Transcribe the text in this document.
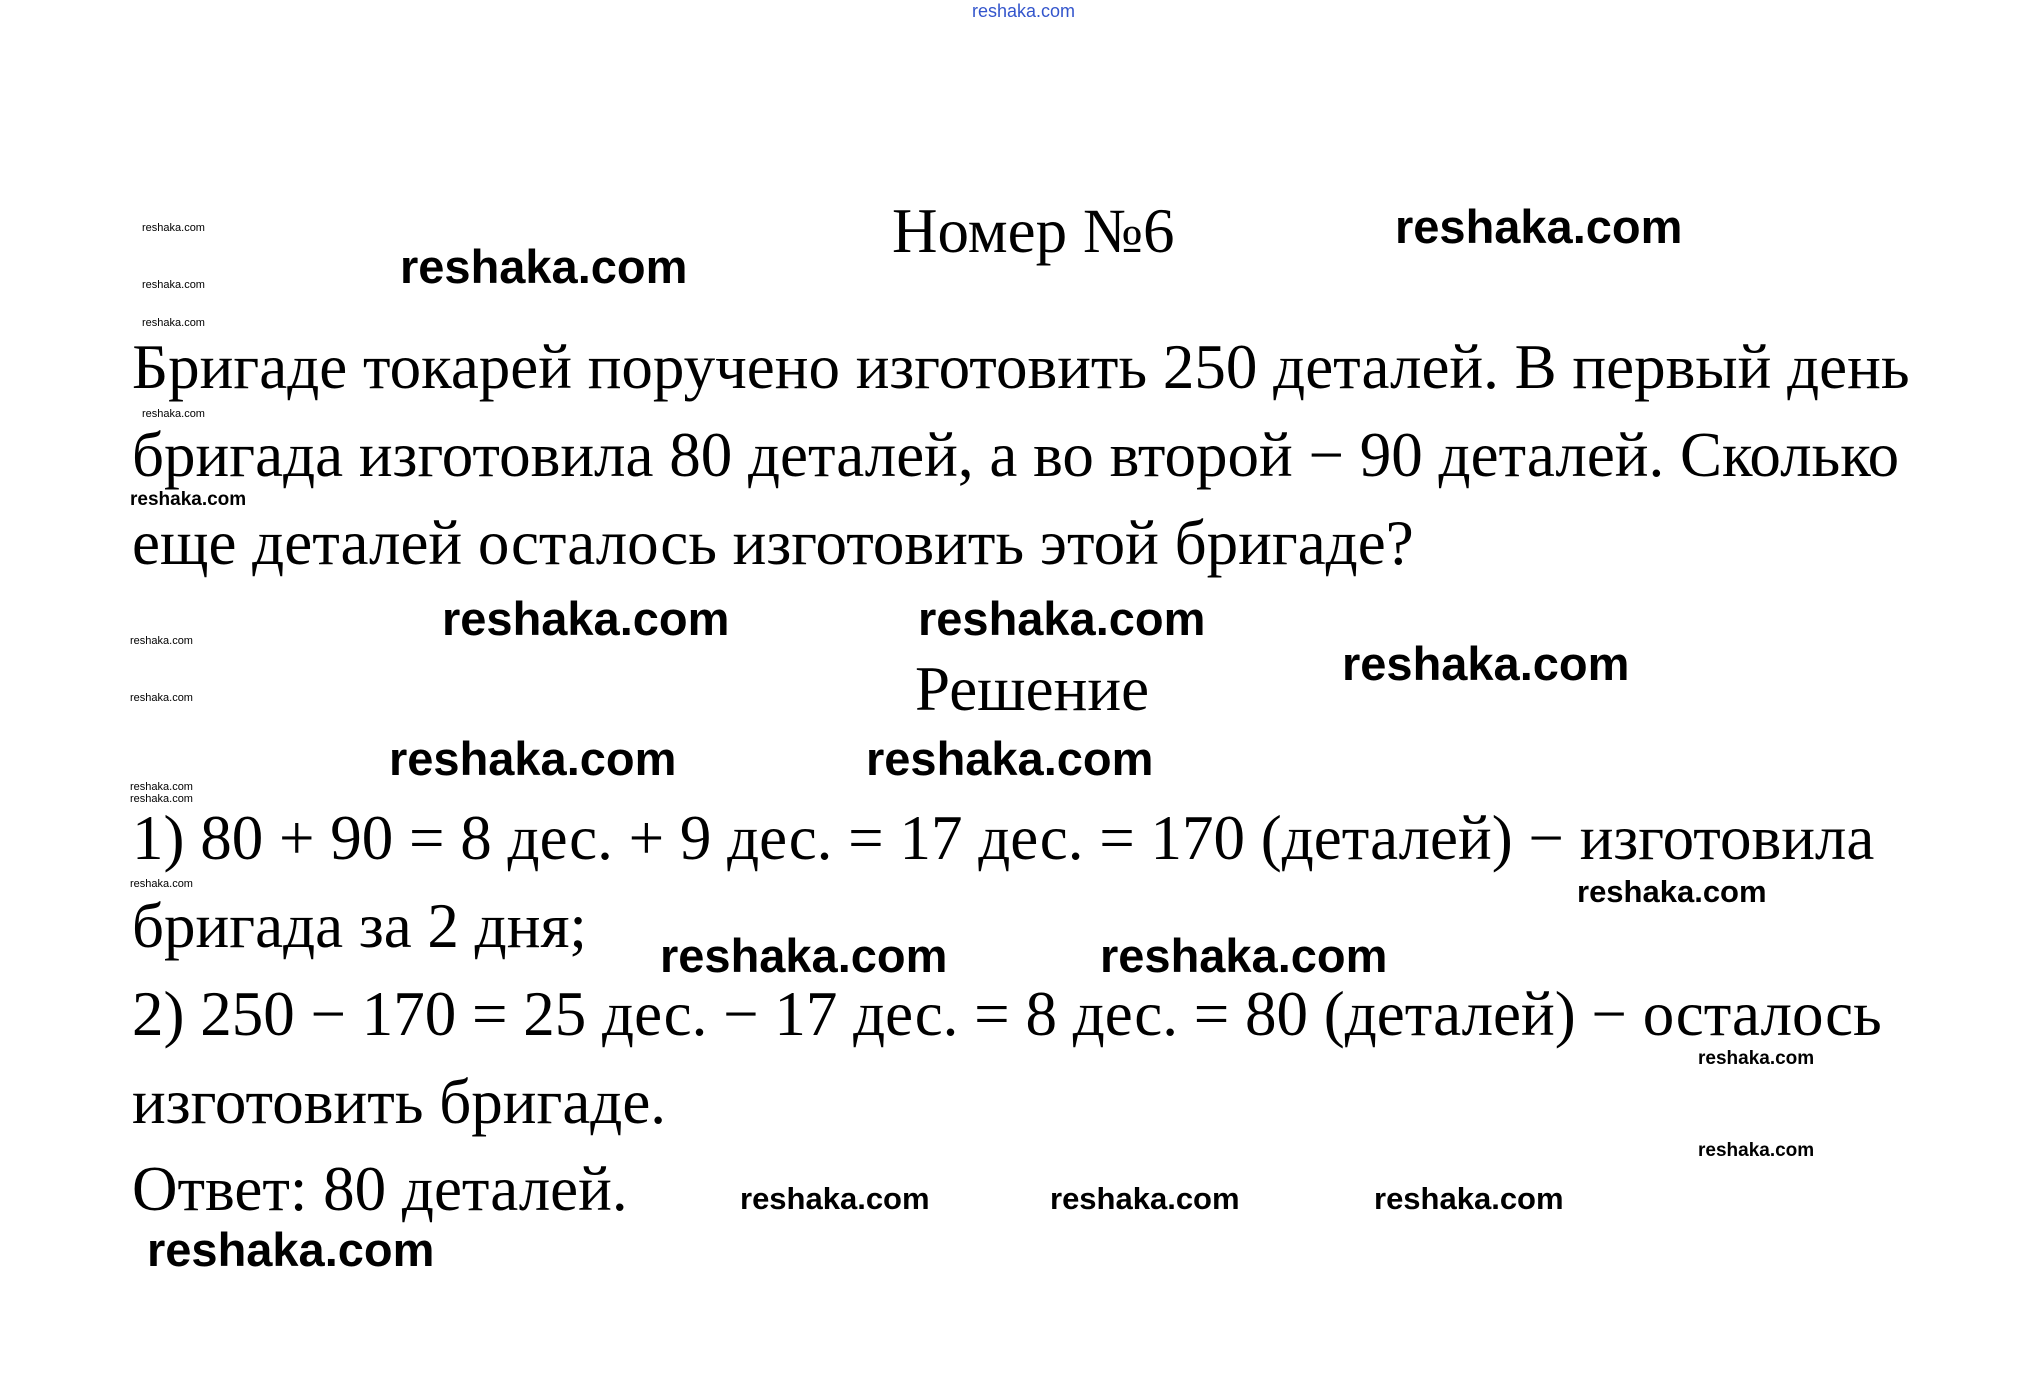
reshaka.com
Номер №6
Бригаде токарей поручено изготовить 250 деталей. В первый день
бригада изготовила 80 деталей, а во второй − 90 деталей. Сколько
еще деталей осталось изготовить этой бригаде?
Решение
1) 80 + 90 = 8 дес. + 9 дес. = 17 дес. = 170 (деталей) − изготовила
бригада за 2 дня;
2) 250 − 170 = 25 дес. − 17 дес. = 8 дес. = 80 (деталей) − осталось
изготовить бригаде.
Ответ: 80 деталей.
reshaka.com
reshaka.com
reshaka.com
reshaka.com
reshaka.com
reshaka.com	reshaka.com
reshaka.com	reshaka.com
reshaka.com
reshaka.com
reshaka.com	reshaka.com	reshaka.com
reshaka.com
reshaka.com
reshaka.com
reshaka.com
reshaka.com
reshaka.com
reshaka.com
reshaka.com
reshaka.com
reshaka.com
reshaka.com
reshaka.com
